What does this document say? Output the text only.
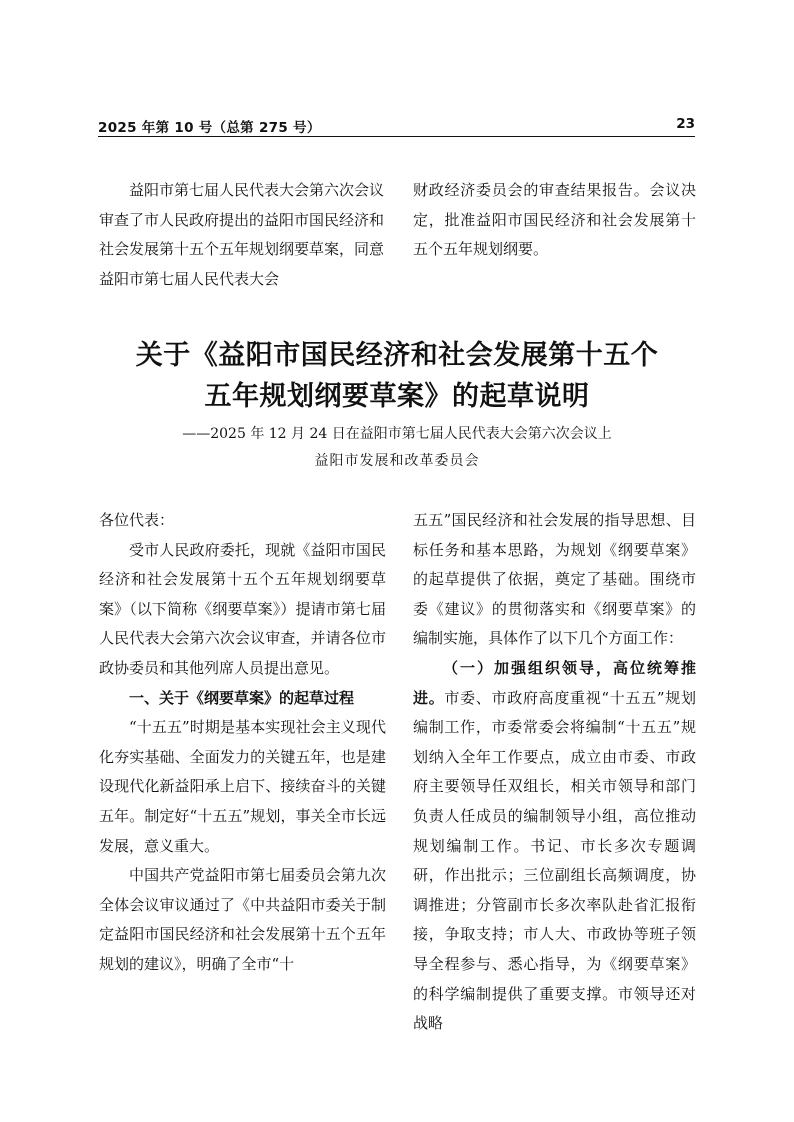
2025 年第 10 号（总第 275 号）	23

益阳市第七届人民代表大会第六次会议审查了市人民政府提出的益阳市国民经济和社会发展第十五个五年规划纲要草案，同意益阳市第七届人民代表大会

财政经济委员会的审查结果报告。会议决定，批准益阳市国民经济和社会发展第十五个五年规划纲要。

关于《益阳市国民经济和社会发展第十五个
五年规划纲要草案》的起草说明
——2025 年 12 月 24 日在益阳市第七届人民代表大会第六次会议上
益阳市发展和改革委员会

各位代表：

受市人民政府委托，现就《益阳市国民经济和社会发展第十五个五年规划纲要草案》（以下简称《纲要草案》）提请市第七届人民代表大会第六次会议审查，并请各位市政协委员和其他列席人员提出意见。

一、关于《纲要草案》的起草过程

“十五五”时期是基本实现社会主义现代化夯实基础、全面发力的关键五年，也是建设现代化新益阳承上启下、接续奋斗的关键五年。制定好“十五五”规划，事关全市长远发展，意义重大。

中国共产党益阳市第七届委员会第九次全体会议审议通过了《中共益阳市委关于制定益阳市国民经济和社会发展第十五个五年规划的建议》，明确了全市“十

五五”国民经济和社会发展的指导思想、目标任务和基本思路，为规划《纲要草案》的起草提供了依据，奠定了基础。围绕市委《建议》的贯彻落实和《纲要草案》的编制实施，具体作了以下几个方面工作：

（一）加强组织领导，高位统筹推进。市委、市政府高度重视“十五五”规划编制工作，市委常委会将编制“十五五”规划纳入全年工作要点，成立由市委、市政府主要领导任双组长，相关市领导和部门负责人任成员的编制领导小组，高位推动规划编制工作。书记、市长多次专题调研，作出批示；三位副组长高频调度，协调推进；分管副市长多次率队赴省汇报衔接，争取支持；市人大、市政协等班子领导全程参与、悉心指导，为《纲要草案》的科学编制提供了重要支撑。市领导还对战略
